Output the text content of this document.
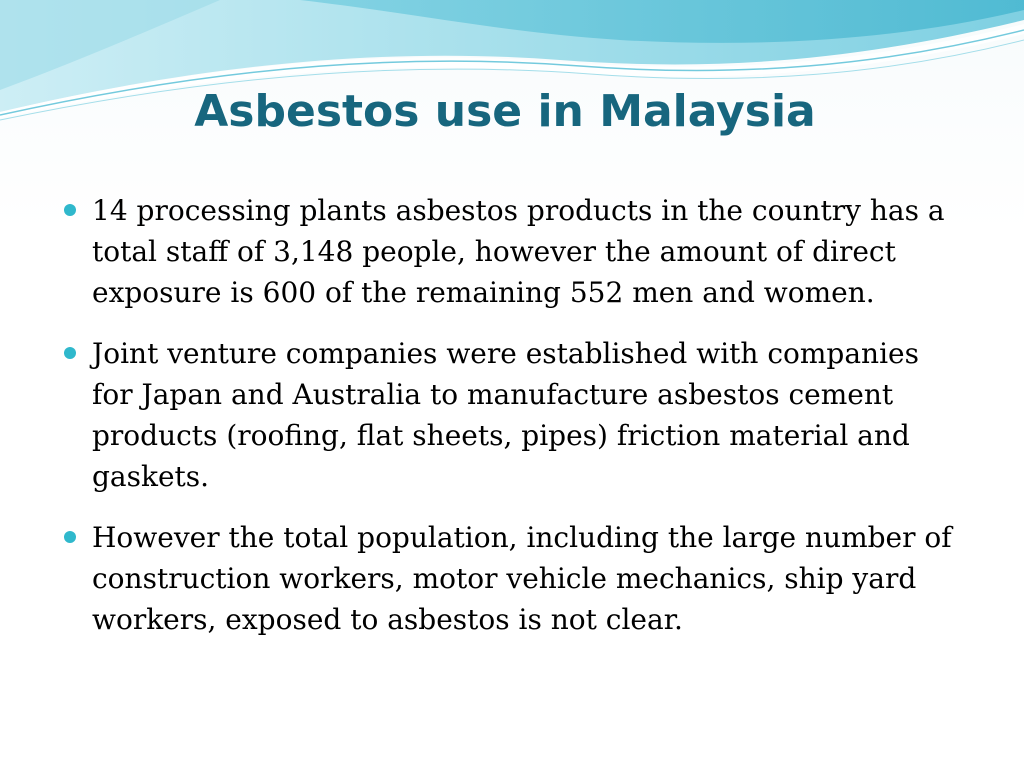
Asbestos use in Malaysia
14 processing plants asbestos products in the country has a total staff of 3,148 people, however the amount of direct exposure is 600 of the remaining 552 men and women.
Joint venture companies were established with companies for Japan and Australia to manufacture asbestos cement products (roofing, flat sheets, pipes) friction material and gaskets.
However the total population, including the large number of construction workers, motor vehicle mechanics, ship yard workers, exposed to asbestos is not clear.
